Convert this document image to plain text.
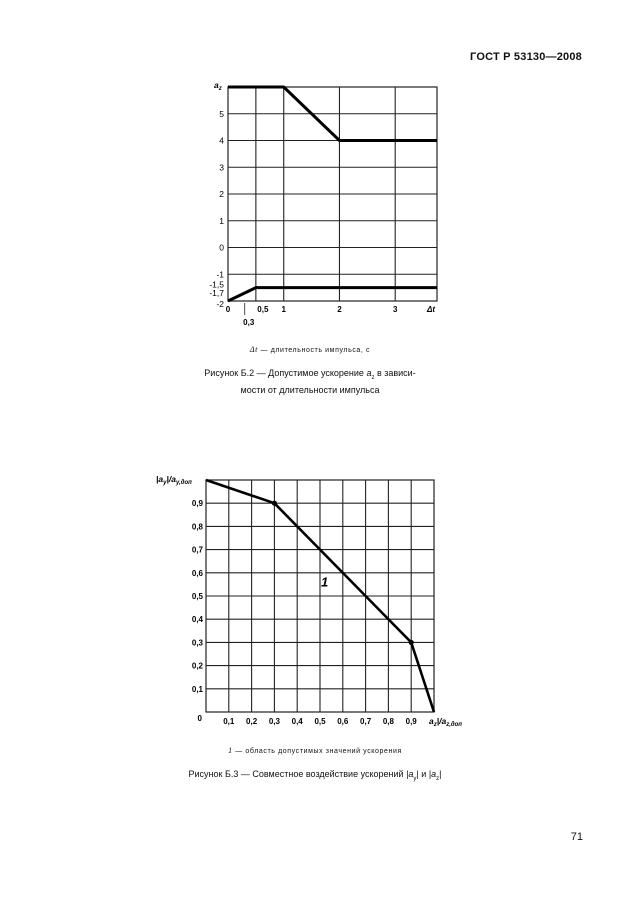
ГОСТ Р 53130—2008
5
4
3
2
1
0
-1
-1,5
-1,7
-2
0	0,5 1	2	3
0,3
$a_z$
Δt
0,9
0,8
0,7
0,6
0,5
0,4
0,3
0,2
0,1
0,1 0,2 0,3 0,4 0,5 0,6 0,7 0,8 0,9
0
1
$|a_y|/a_{y,доп}$
$a_z|/a_{z,доп}$
Δt — длительность импульса, с
Рисунок Б.2 — Допустимое ускорение $a_z$ в зависи-
мости от длительности импульса
1 — область допустимых значений ускорения
Рисунок Б.3 — Совместное воздействие ускорений $|a_y|$ и $|a_z|$
71
